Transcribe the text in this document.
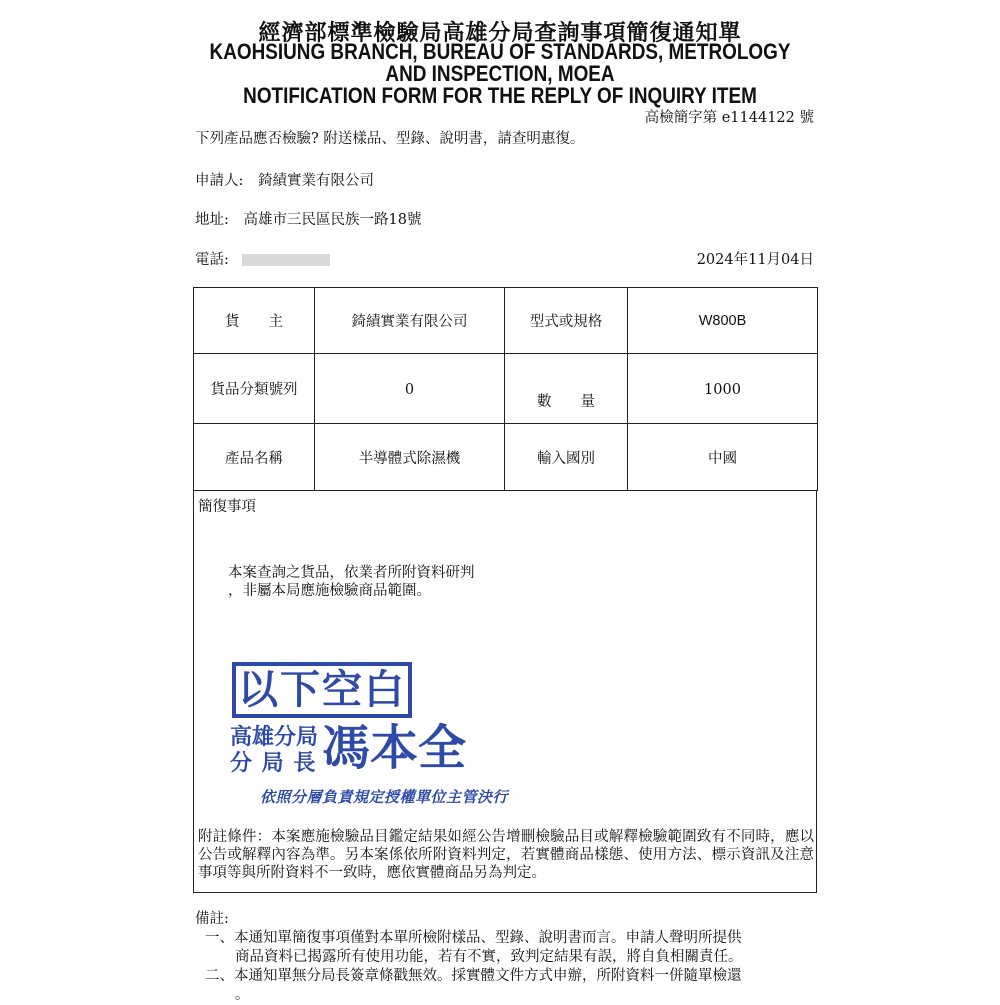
經濟部標準檢驗局高雄分局查詢事項簡復通知單
KAOHSIUNG BRANCH, BUREAU OF STANDARDS, METROLOGY
AND INSPECTION, MOEA
NOTIFICATION FORM FOR THE REPLY OF INQUIRY ITEM
高檢簡字第 e1144122 號
下列產品應否檢驗? 附送樣品、型錄、說明書，請查明惠復。
申請人: 錡績實業有限公司
地址: 高雄市三民區民族一路18號
電話:	2024年11月04日
貨　　主	錡績實業有限公司	型式或規格	W800B
貨品分類號列	0	數　　量	1000
產品名稱	半導體式除濕機	輸入國別	中國
簡復事項
本案查詢之貨品，依業者所附資料研判
，非屬本局應施檢驗商品範圍。
以下空白
高雄分局
分 局 長 馮本全
依照分層負責規定授權單位主管決行
附註條件：本案應施檢驗品目鑑定結果如經公告增刪檢驗品目或解釋檢驗範圍致有不同時，應以公告或解釋內容為準。另本案係依所附資料判定，若實體商品樣態、使用方法、標示資訊及注意事項等與所附資料不一致時，應依實體商品另為判定。
備註:
一、本通知單簡復事項僅對本單所檢附樣品、型錄、說明書而言。申請人聲明所提供
商品資料已揭露所有使用功能，若有不實，致判定結果有誤，將自負相關責任。
二、本通知單無分局長簽章條戳無效。採實體文件方式申辦，所附資料一併隨單檢還
。
